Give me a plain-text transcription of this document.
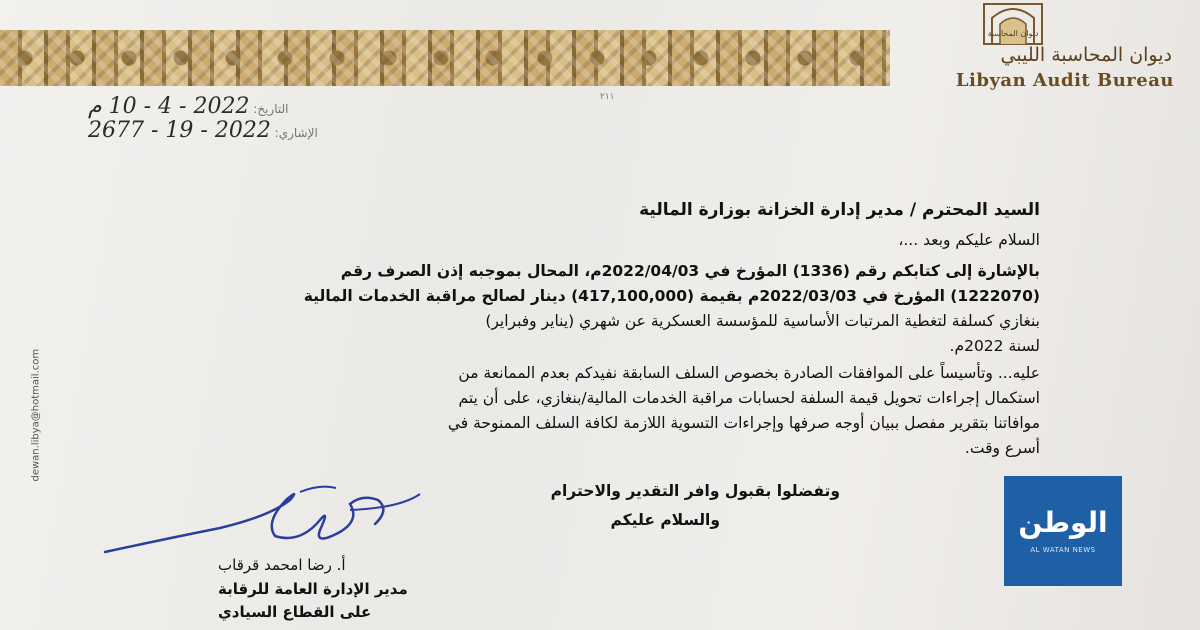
ديوان المحاسبة
ديوان المحاسبة الليبي
Libyan Audit Bureau
٢١١
التاريخ: 2022 - 4 - 10 م
الإشاري: 2022 - 19 - 2677
السيد المحترم / مدير إدارة الخزانة بوزارة المالية
السلام عليكم وبعد ...،
بالإشارة إلى كتابكم رقم (1336) المؤرخ في 2022/04/03م، المحال بموجبه إذن الصرف رقم
(1222070) المؤرخ في 2022/03/03م بقيمة (417,100,000) دينار لصالح مراقبة الخدمات المالية
بنغازي كسلفة لتغطية المرتبات الأساسية للمؤسسة العسكرية عن شهري (يناير وفبراير)
لسنة 2022م.
عليه... وتأسيساً على الموافقات الصادرة بخصوص السلف السابقة نفيدكم بعدم الممانعة من
استكمال إجراءات تحويل قيمة السلفة لحسابات مراقبة الخدمات المالية/بنغازي، على أن يتم
موافاتنا بتقرير مفصل ببيان أوجه صرفها وإجراءات التسوية اللازمة لكافة السلف الممنوحة في
أسرع وقت.
وتفضلوا بقبول وافر التقدير والاحترام
والسلام عليكم
أ. رضا امحمد قرقاب
مدير الإدارة العامة للرقابة
على القطاع السيادي
dewan.libya@hotmail.com
الوطن
AL WATAN NEWS
